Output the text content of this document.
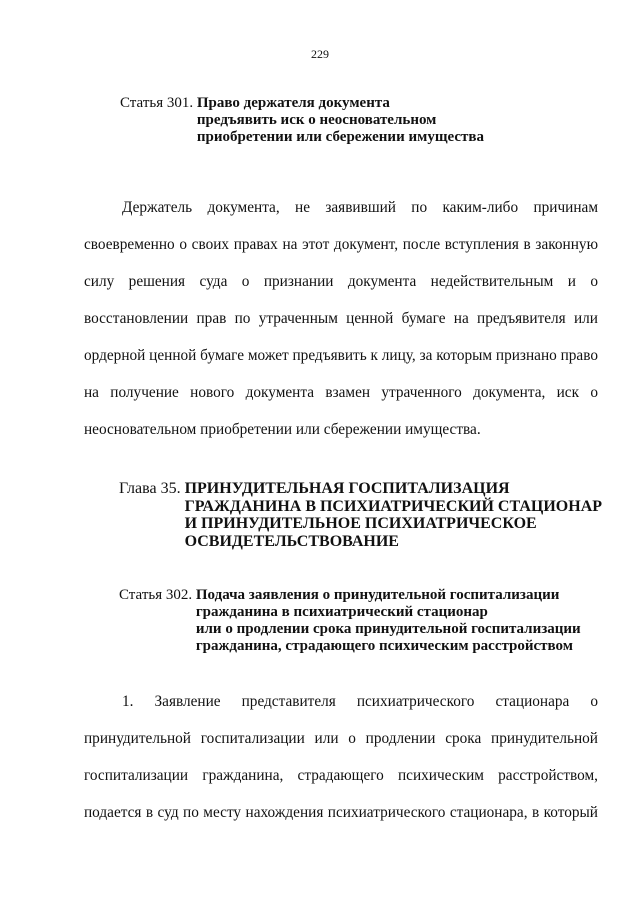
229
Статья 301. Право держателя документа
предъявить иск о неосновательном
приобретении или сбережении имущества
Держатель документа, не заявивший по каким-либо причинам
своевременно о своих правах на этот документ, после вступления в законную
силу решения суда о признании документа недействительным и о
восстановлении прав по утраченным ценной бумаге на предъявителя или
ордерной ценной бумаге может предъявить к лицу, за которым признано право
на получение нового документа взамен утраченного документа, иск о
неосновательном приобретении или сбережении имущества.
Глава 35. ПРИНУДИТЕЛЬНАЯ ГОСПИТАЛИЗАЦИЯ
ГРАЖДАНИНА В ПСИХИАТРИЧЕСКИЙ СТАЦИОНАР
И ПРИНУДИТЕЛЬНОЕ ПСИХИАТРИЧЕСКОЕ
ОСВИДЕТЕЛЬСТВОВАНИЕ
Статья 302. Подача заявления о принудительной госпитализации
гражданина в психиатрический стационар
или о продлении срока принудительной госпитализации
гражданина, страдающего психическим расстройством
1. Заявление представителя психиатрического стационара о
принудительной госпитализации или о продлении срока принудительной
госпитализации гражданина, страдающего психическим расстройством,
подается в суд по месту нахождения психиатрического стационара, в который
